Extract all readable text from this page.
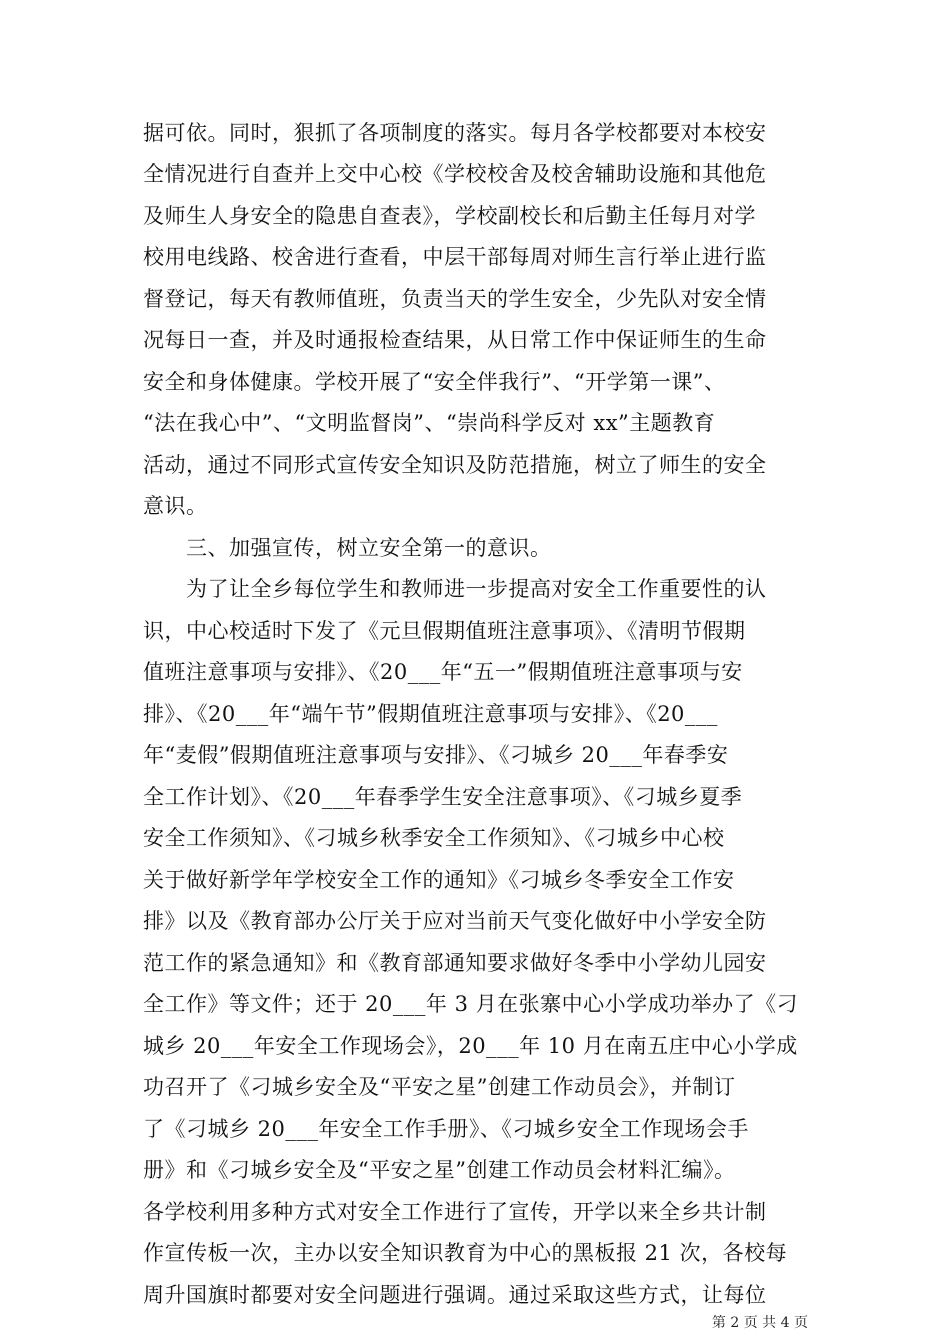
据可依。同时，狠抓了各项制度的落实。每月各学校都要对本校安
全情况进行自查并上交中心校《学校校舍及校舍辅助设施和其他危
及师生人身安全的隐患自查表》，学校副校长和后勤主任每月对学
校用电线路、校舍进行查看，中层干部每周对师生言行举止进行监
督登记，每天有教师值班，负责当天的学生安全，少先队对安全情
况每日一查，并及时通报检查结果，从日常工作中保证师生的生命
安全和身体健康。学校开展了“安全伴我行”、“开学第一课”、
“法在我心中”、“文明监督岗”、“崇尚科学反对 xx”主题教育
活动，通过不同形式宣传安全知识及防范措施，树立了师生的安全
意识。
三、加强宣传，树立安全第一的意识。
为了让全乡每位学生和教师进一步提高对安全工作重要性的认
识，中心校适时下发了《元旦假期值班注意事项》、《清明节假期
值班注意事项与安排》、《20___年“五一”假期值班注意事项与安
排》、《20___年“端午节”假期值班注意事项与安排》、《20___
年“麦假”假期值班注意事项与安排》、《刁城乡 20___年春季安
全工作计划》、《20___年春季学生安全注意事项》、《刁城乡夏季
安全工作须知》、《刁城乡秋季安全工作须知》、《刁城乡中心校
关于做好新学年学校安全工作的通知》《刁城乡冬季安全工作安
排》以及《教育部办公厅关于应对当前天气变化做好中小学安全防
范工作的紧急通知》和《教育部通知要求做好冬季中小学幼儿园安
全工作》等文件；还于 20___年 3 月在张寨中心小学成功举办了《刁
城乡 20___年安全工作现场会》，20___年 10 月在南五庄中心小学成
功召开了《刁城乡安全及“平安之星”创建工作动员会》，并制订
了《刁城乡 20___年安全工作手册》、《刁城乡安全工作现场会手
册》和《刁城乡安全及“平安之星”创建工作动员会材料汇编》。
各学校利用多种方式对安全工作进行了宣传，开学以来全乡共计制
作宣传板一次，主办以安全知识教育为中心的黑板报 21 次，各校每
周升国旗时都要对安全问题进行强调。通过采取这些方式，让每位
第 2 页 共 4 页
